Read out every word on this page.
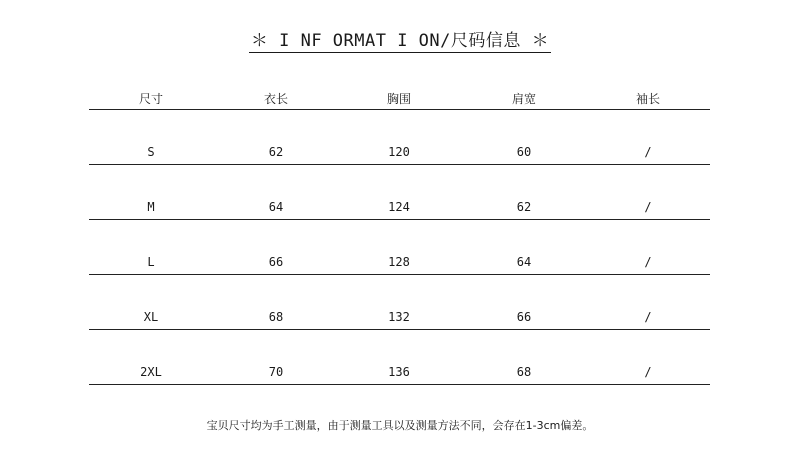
＊ I NF ORMAT I ON/尺码信息 ＊
尺寸	衣长	胸围	肩宽	袖长
S	62	120	60	/
M	64	124	62	/
L	66	128	64	/
XL	68	132	66	/
2XL	70	136	68	/
宝贝尺寸均为手工测量，由于测量工具以及测量方法不同，会存在1-3cm偏差。
